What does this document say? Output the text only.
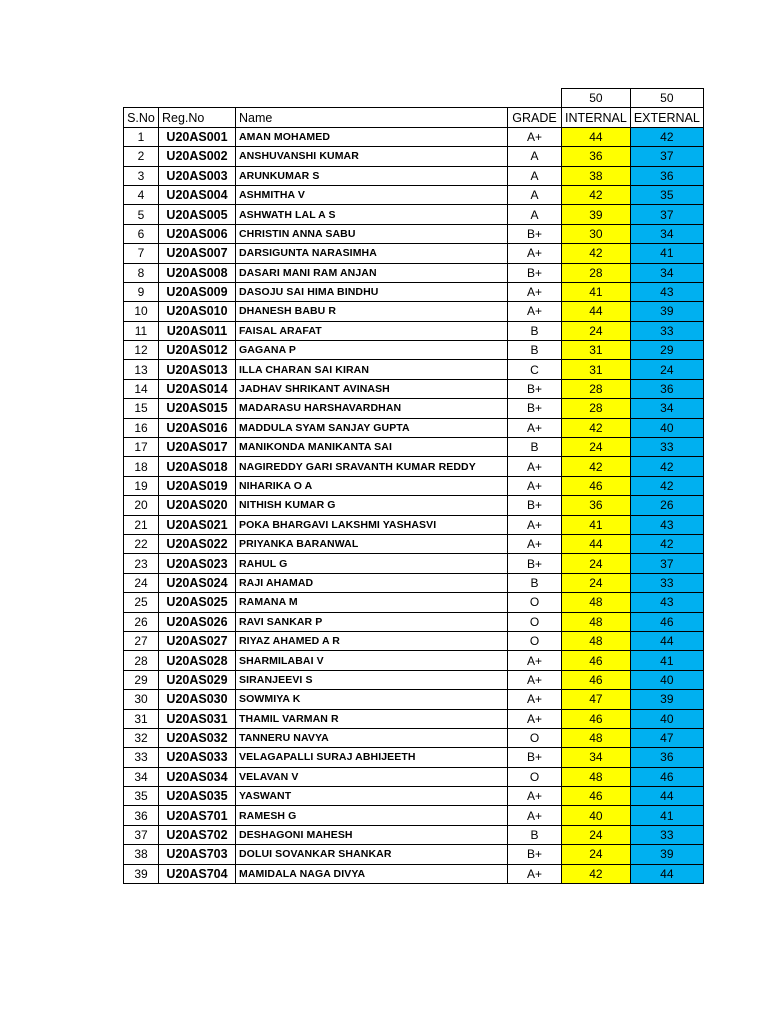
				50	50
S.No	Reg.No	Name	GRADE	INTERNAL	EXTERNAL
1	U20AS001	AMAN MOHAMED	A+	44	42
2	U20AS002	ANSHUVANSHI KUMAR	A	36	37
3	U20AS003	ARUNKUMAR S	A	38	36
4	U20AS004	ASHMITHA V	A	42	35
5	U20AS005	ASHWATH LAL A S	A	39	37
6	U20AS006	CHRISTIN ANNA SABU	B+	30	34
7	U20AS007	DARSIGUNTA NARASIMHA	A+	42	41
8	U20AS008	DASARI MANI RAM ANJAN	B+	28	34
9	U20AS009	DASOJU SAI HIMA BINDHU	A+	41	43
10	U20AS010	DHANESH BABU R	A+	44	39
11	U20AS011	FAISAL ARAFAT	B	24	33
12	U20AS012	GAGANA P	B	31	29
13	U20AS013	ILLA CHARAN SAI KIRAN	C	31	24
14	U20AS014	JADHAV SHRIKANT AVINASH	B+	28	36
15	U20AS015	MADARASU HARSHAVARDHAN	B+	28	34
16	U20AS016	MADDULA SYAM SANJAY GUPTA	A+	42	40
17	U20AS017	MANIKONDA MANIKANTA SAI	B	24	33
18	U20AS018	NAGIREDDY GARI SRAVANTH KUMAR REDDY	A+	42	42
19	U20AS019	NIHARIKA O A	A+	46	42
20	U20AS020	NITHISH KUMAR G	B+	36	26
21	U20AS021	POKA BHARGAVI LAKSHMI YASHASVI	A+	41	43
22	U20AS022	PRIYANKA BARANWAL	A+	44	42
23	U20AS023	RAHUL G	B+	24	37
24	U20AS024	RAJI AHAMAD	B	24	33
25	U20AS025	RAMANA M	O	48	43
26	U20AS026	RAVI SANKAR P	O	48	46
27	U20AS027	RIYAZ AHAMED A R	O	48	44
28	U20AS028	SHARMILABAI V	A+	46	41
29	U20AS029	SIRANJEEVI S	A+	46	40
30	U20AS030	SOWMIYA K	A+	47	39
31	U20AS031	THAMIL VARMAN R	A+	46	40
32	U20AS032	TANNERU NAVYA	O	48	47
33	U20AS033	VELAGAPALLI SURAJ ABHIJEETH	B+	34	36
34	U20AS034	VELAVAN V	O	48	46
35	U20AS035	YASWANT	A+	46	44
36	U20AS701	RAMESH G	A+	40	41
37	U20AS702	DESHAGONI MAHESH	B	24	33
38	U20AS703	DOLUI SOVANKAR SHANKAR	B+	24	39
39	U20AS704	MAMIDALA NAGA DIVYA	A+	42	44
